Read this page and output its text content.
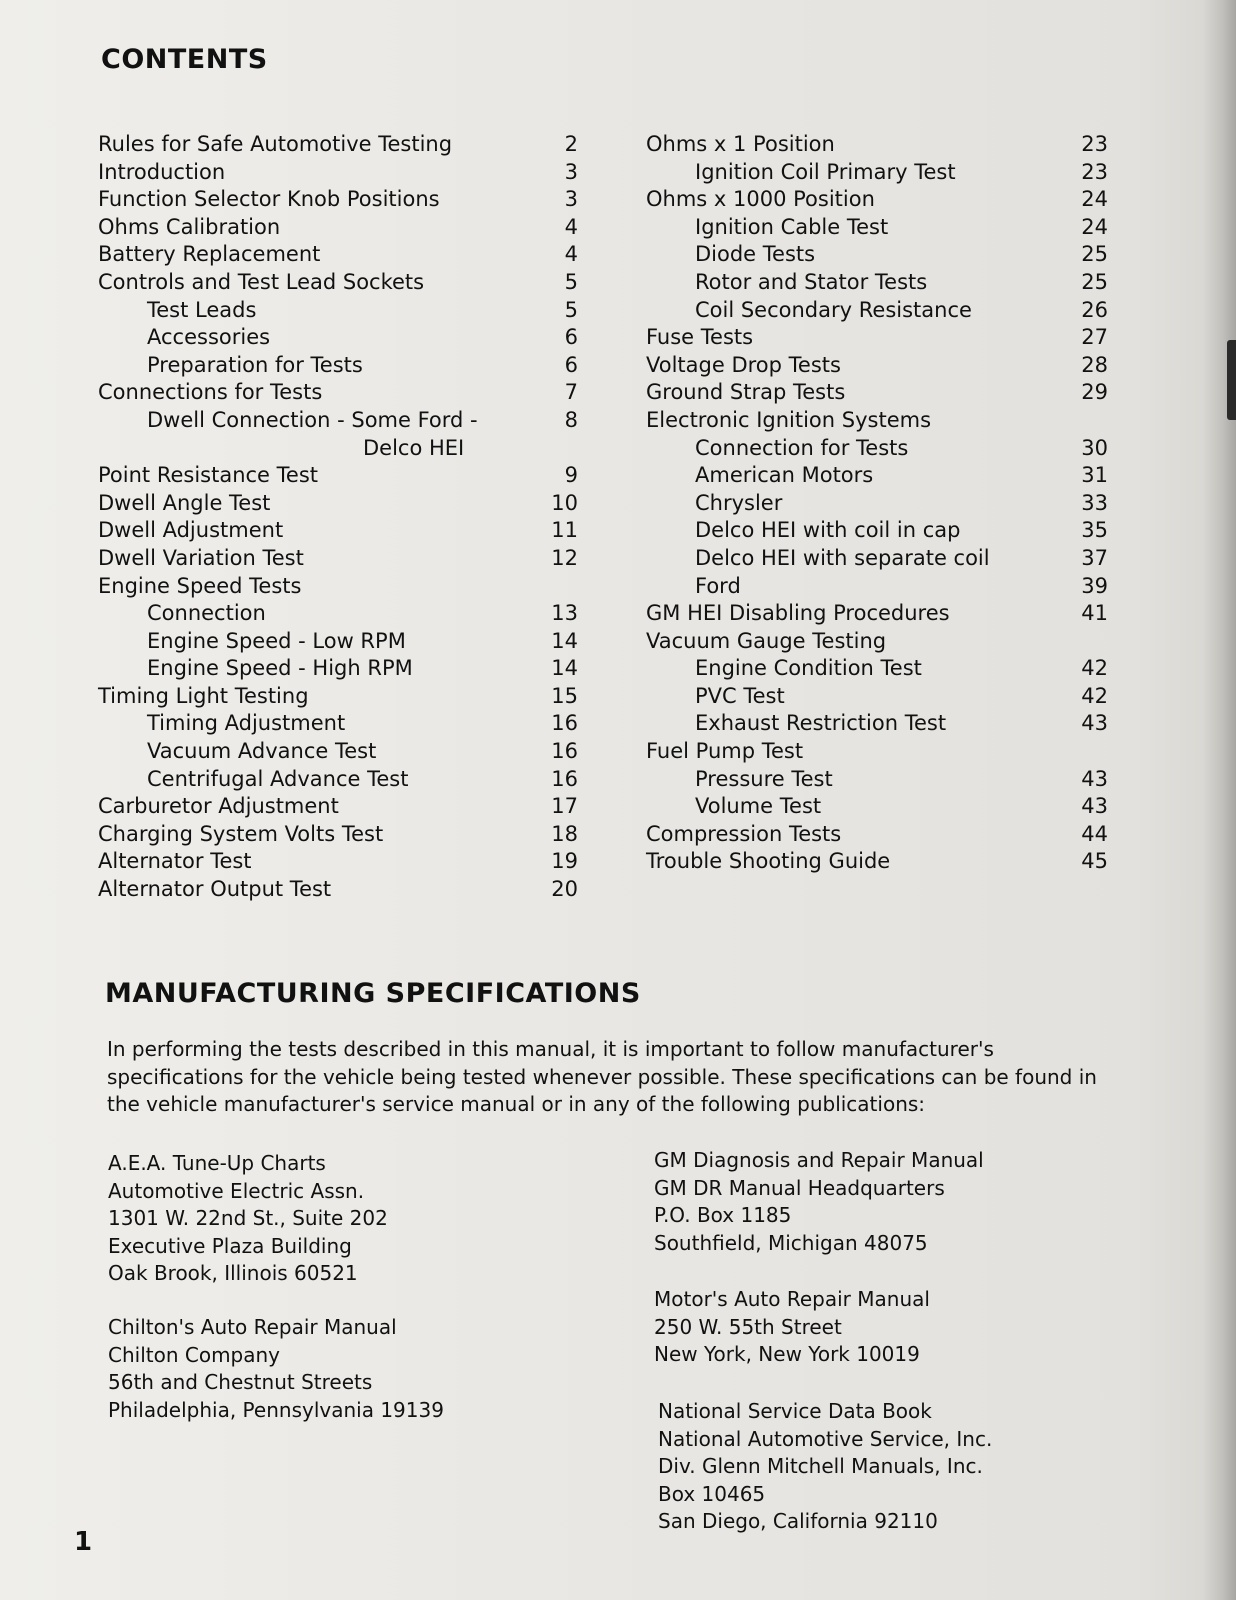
CONTENTS
Rules for Safe Automotive Testing	2
Introduction	3
Function Selector Knob Positions	3
Ohms Calibration	4
Battery Replacement	4
Controls and Test Lead Sockets	5
Test Leads	5
Accessories	6
Preparation for Tests	6
Connections for Tests	7
Dwell Connection - Some Ford -	8
Delco HEI
Point Resistance Test	9
Dwell Angle Test	10
Dwell Adjustment	11
Dwell Variation Test	12
Engine Speed Tests
Connection	13
Engine Speed - Low RPM	14
Engine Speed - High RPM	14
Timing Light Testing	15
Timing Adjustment	16
Vacuum Advance Test	16
Centrifugal Advance Test	16
Carburetor Adjustment	17
Charging System Volts Test	18
Alternator Test	19
Alternator Output Test	20
Ohms x 1 Position	23
Ignition Coil Primary Test	23
Ohms x 1000 Position	24
Ignition Cable Test	24
Diode Tests	25
Rotor and Stator Tests	25
Coil Secondary Resistance	26
Fuse Tests	27
Voltage Drop Tests	28
Ground Strap Tests	29
Electronic Ignition Systems
Connection for Tests	30
American Motors	31
Chrysler	33
Delco HEI with coil in cap	35
Delco HEI with separate coil	37
Ford	39
GM HEI Disabling Procedures	41
Vacuum Gauge Testing
Engine Condition Test	42
PVC Test	42
Exhaust Restriction Test	43
Fuel Pump Test
Pressure Test	43
Volume Test	43
Compression Tests	44
Trouble Shooting Guide	45
MANUFACTURING SPECIFICATIONS

In performing the tests described in this manual, it is important to follow manufacturer's specifications for the vehicle being tested whenever possible. These specifications can be found in the vehicle manufacturer's service manual or in any of the following publications:

A.E.A. Tune-Up Charts
Automotive Electric Assn.
1301 W. 22nd St., Suite 202
Executive Plaza Building
Oak Brook, Illinois 60521
Chilton's Auto Repair Manual
Chilton Company
56th and Chestnut Streets
Philadelphia, Pennsylvania 19139
GM Diagnosis and Repair Manual
GM DR Manual Headquarters
P.O. Box 1185
Southfield, Michigan 48075
Motor's Auto Repair Manual
250 W. 55th Street
New York, New York 10019
National Service Data Book
National Automotive Service, Inc.
Div. Glenn Mitchell Manuals, Inc.
Box 10465
San Diego, California 92110

1
